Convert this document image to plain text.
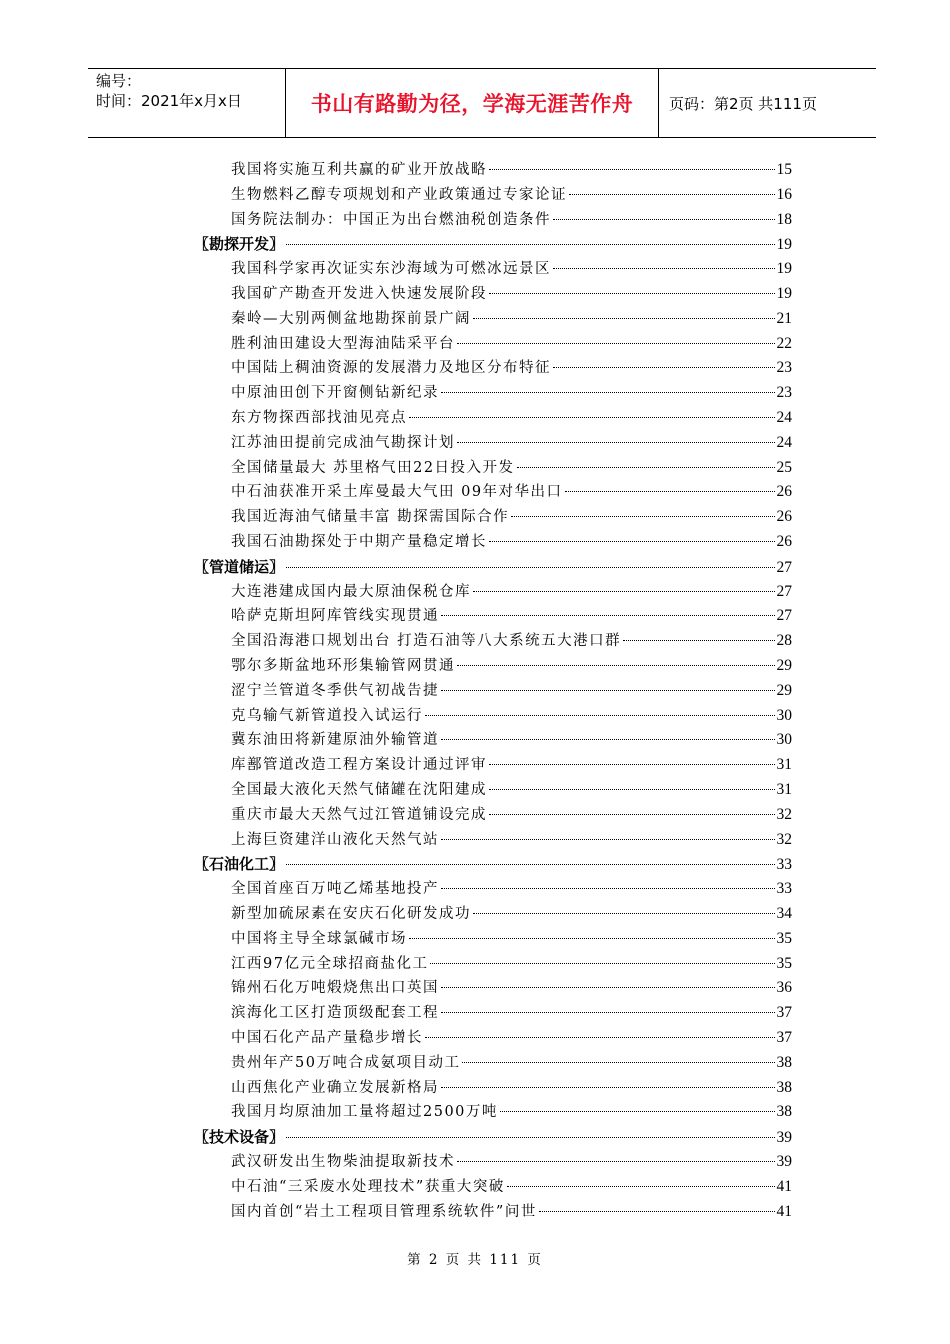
编号：
时间：2021年x月x日	书山有路勤为径，学海无涯苦作舟 页码：第2页 共111页
我国将实施互利共赢的矿业开放战略	15
生物燃料乙醇专项规划和产业政策通过专家论证	16
国务院法制办：中国正为出台燃油税创造条件	18
〖勘探开发〗	19
我国科学家再次证实东沙海域为可燃冰远景区	19
我国矿产勘查开发进入快速发展阶段	19
秦岭—大别两侧盆地勘探前景广阔	21
胜利油田建设大型海油陆采平台	22
中国陆上稠油资源的发展潜力及地区分布特征	23
中原油田创下开窗侧钻新纪录	23
东方物探西部找油见亮点	24
江苏油田提前完成油气勘探计划	24
全国储量最大 苏里格气田22日投入开发	25
中石油获准开采土库曼最大气田 09年对华出口	26
我国近海油气储量丰富 勘探需国际合作	26
我国石油勘探处于中期产量稳定增长	26
〖管道储运〗	27
大连港建成国内最大原油保税仓库	27
哈萨克斯坦阿库管线实现贯通	27
全国沿海港口规划出台 打造石油等八大系统五大港口群	28
鄂尔多斯盆地环形集输管网贯通	29
涩宁兰管道冬季供气初战告捷	29
克乌输气新管道投入试运行	30
冀东油田将新建原油外输管道	30
库鄯管道改造工程方案设计通过评审	31
全国最大液化天然气储罐在沈阳建成	31
重庆市最大天然气过江管道铺设完成	32
上海巨资建洋山液化天然气站	32
〖石油化工〗	33
全国首座百万吨乙烯基地投产	33
新型加硫尿素在安庆石化研发成功	34
中国将主导全球氯碱市场	35
江西97亿元全球招商盐化工	35
锦州石化万吨煅烧焦出口英国	36
滨海化工区打造顶级配套工程	37
中国石化产品产量稳步增长	37
贵州年产50万吨合成氨项目动工	38
山西焦化产业确立发展新格局	38
我国月均原油加工量将超过2500万吨	38
〖技术设备〗	39
武汉研发出生物柴油提取新技术	39
中石油“三采废水处理技术”获重大突破	41
国内首创“岩土工程项目管理系统软件”问世	41
第 2 页 共 111 页
